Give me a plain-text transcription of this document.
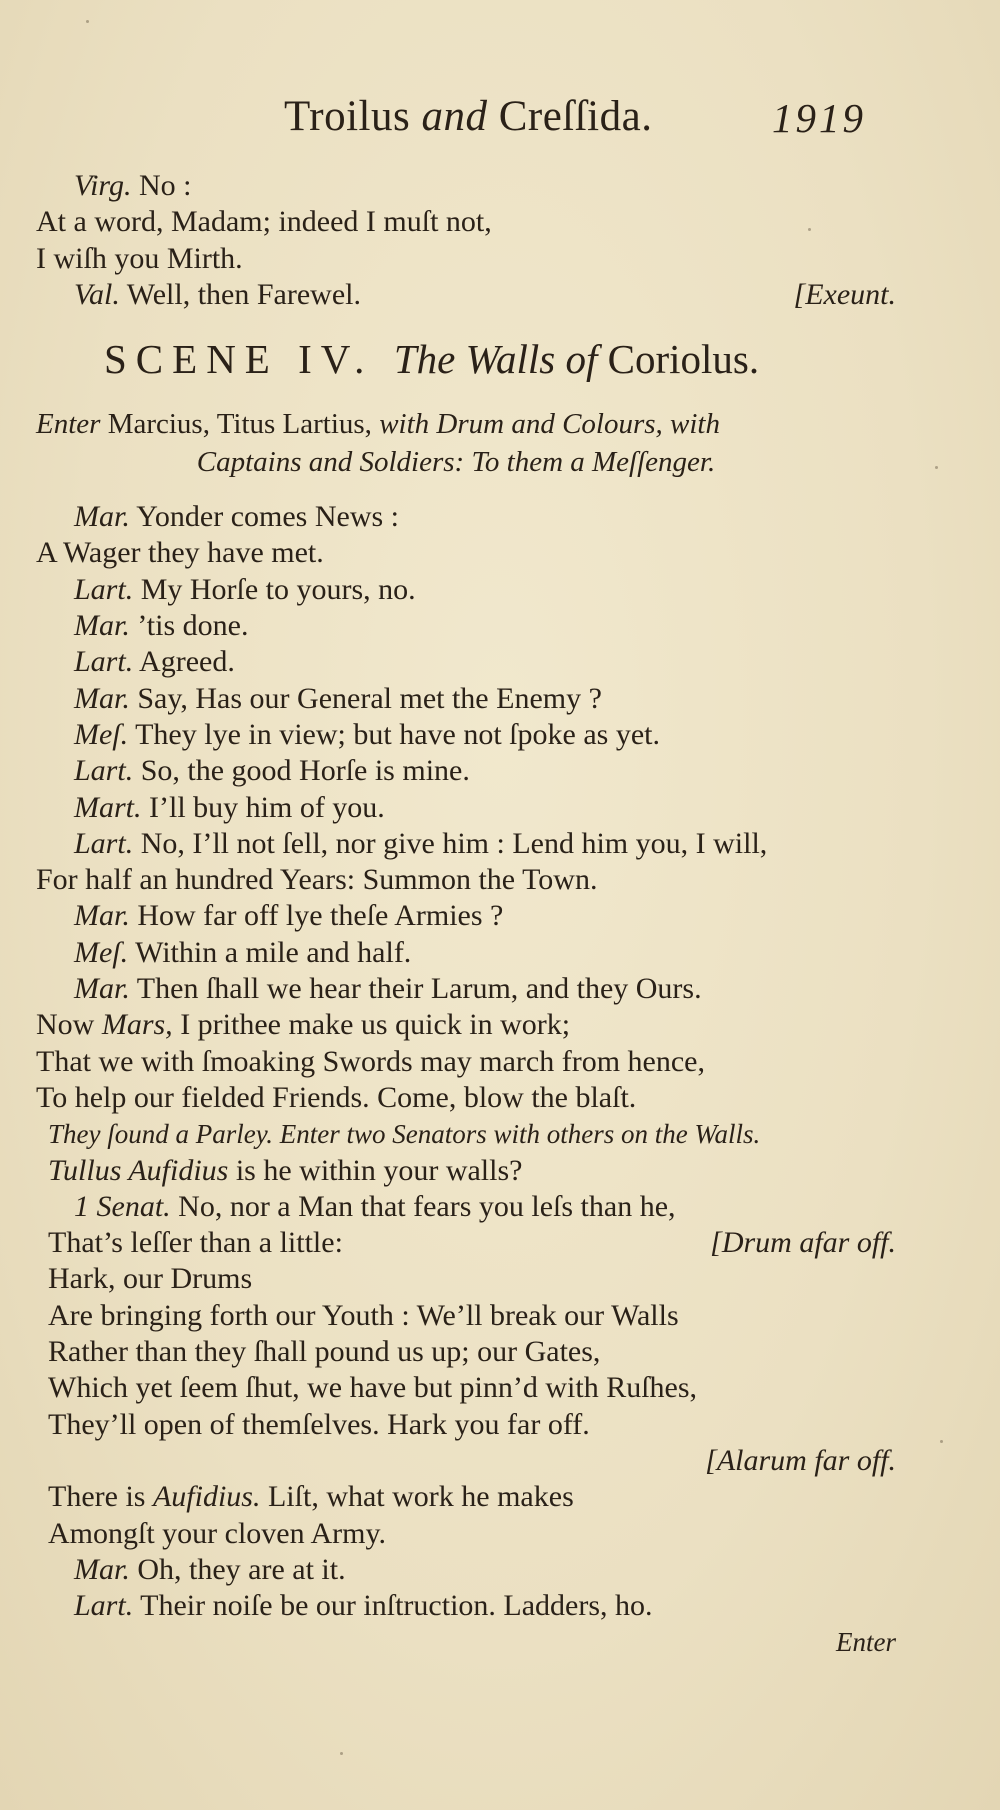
Troilus and Creſſida.	1919
Virg. No :
At a word, Madam; indeed I muſt not,
I wiſh you Mirth.
Val. Well, then Farewel.	[Exeunt.
SCENE IV. The Walls of Coriolus.
Enter Marcius, Titus Lartius, with Drum and Colours, with
Captains and Soldiers: To them a Meſſenger.
Mar. Yonder comes News :
A Wager they have met.
Lart. My Horſe to yours, no.
Mar. ’tis done.
Lart. Agreed.
Mar. Say, Has our General met the Enemy ?
Meſ. They lye in view; but have not ſpoke as yet.
Lart. So, the good Horſe is mine.
Mart. I’ll buy him of you.
Lart. No, I’ll not ſell, nor give him : Lend him you, I will,
For half an hundred Years: Summon the Town.
Mar. How far off lye theſe Armies ?
Meſ. Within a mile and half.
Mar. Then ſhall we hear their Larum, and they Ours.
Now Mars, I prithee make us quick in work;
That we with ſmoaking Swords may march from hence,
To help our fielded Friends. Come, blow the blaſt.
They ſound a Parley. Enter two Senators with others on the Walls.
Tullus Aufidius is he within your walls?
1 Senat. No, nor a Man that fears you leſs than he,
That’s leſſer than a little:	[Drum afar off.
Hark, our Drums
Are bringing forth our Youth : We’ll break our Walls
Rather than they ſhall pound us up; our Gates,
Which yet ſeem ſhut, we have but pinn’d with Ruſhes,
They’ll open of themſelves. Hark you far off.
[Alarum far off.
There is Aufidius. Liſt, what work he makes
Amongſt your cloven Army.
Mar. Oh, they are at it.
Lart. Their noiſe be our inſtruction. Ladders, ho.
Enter
